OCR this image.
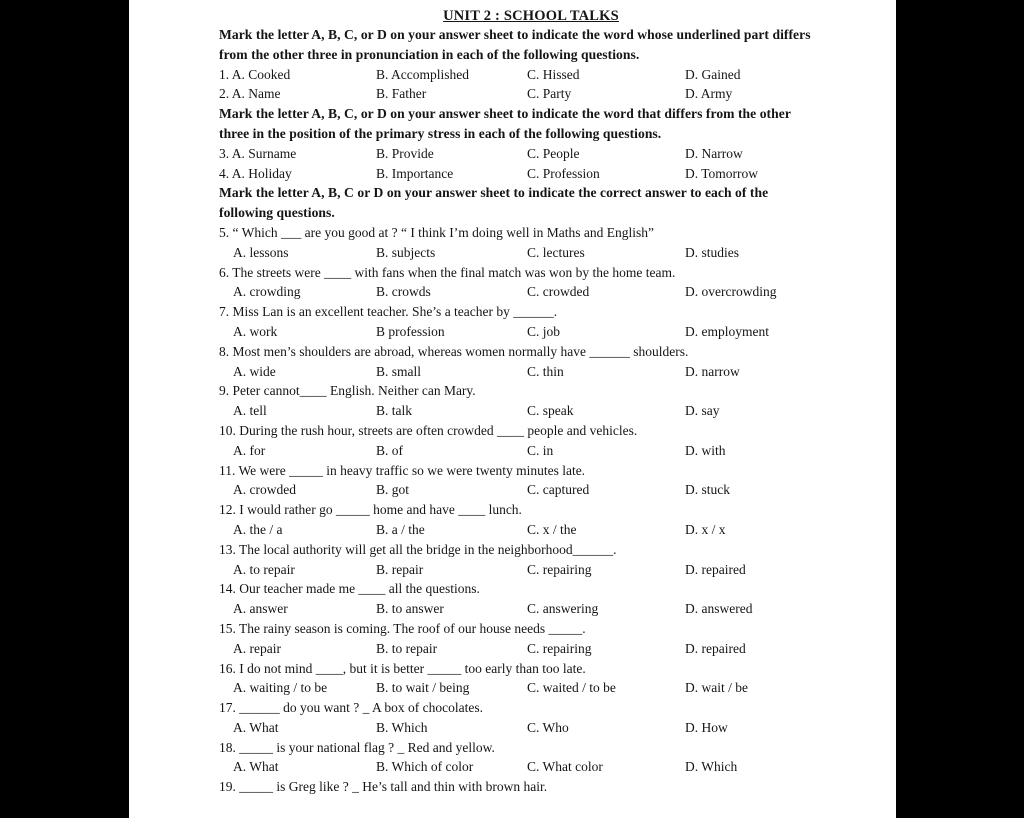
UNIT 2 : SCHOOL TALKS
Mark the letter A, B, C, or D on your answer sheet to indicate the word whose underlined part differs from the other three in pronunciation in each of the following questions.
1. A. Cooked	B. Accomplished	C. Hissed	D. Gained
2. A. Name	B. Father	C. Party	D. Army
Mark the letter A, B, C, or D on your answer sheet to indicate the word that differs from the other three in the position of the primary stress in each of the following questions.
3. A. Surname	B. Provide	C. People	D. Narrow
4. A. Holiday	B. Importance	C. Profession	D. Tomorrow
Mark the letter A, B, C or D on your answer sheet to indicate the correct answer to each of the following questions.
5. “ Which ___ are you good at ? “ I think I’m doing well in Maths and English”
A. lessons	B. subjects	C. lectures	D. studies
6. The streets were ____ with fans when the final match was won by the home team.
A. crowding	B. crowds	C. crowded	D. overcrowding
7. Miss Lan is an excellent teacher. She’s a teacher by ______.
A. work	B profession	C. job	D. employment
8. Most men’s shoulders are abroad, whereas women normally have ______ shoulders.
A. wide	B. small	C. thin	D. narrow
9. Peter cannot____ English. Neither can Mary.
A. tell	B. talk	C. speak	D. say
10. During the rush hour, streets are often crowded ____ people and vehicles.
A. for	B. of	C. in	D. with
11. We were _____ in heavy traffic so we were twenty minutes late.
A. crowded	B. got	C. captured	D. stuck
12. I would rather go _____ home and have ____ lunch.
A. the / a	B. a / the	C. x / the	D. x / x
13. The local authority will get all the bridge in the neighborhood______.
A. to repair	B. repair	C. repairing	D. repaired
14. Our teacher made me ____ all the questions.
A. answer	B. to answer	C. answering	D. answered
15. The rainy season is coming. The roof of our house needs _____.
A. repair	B. to repair	C. repairing	D. repaired
16. I do not mind ____, but it is better _____ too early than too late.
A. waiting / to be	B. to wait / being	C. waited / to be	D. wait / be
17. ______ do you want ? _ A box of chocolates.
A. What	B. Which	C. Who	D. How
18. _____ is your national flag ? _ Red and yellow.
A. What	B. Which of color	C. What color	D. Which
19. _____ is Greg like ? _ He’s tall and thin with brown hair.
